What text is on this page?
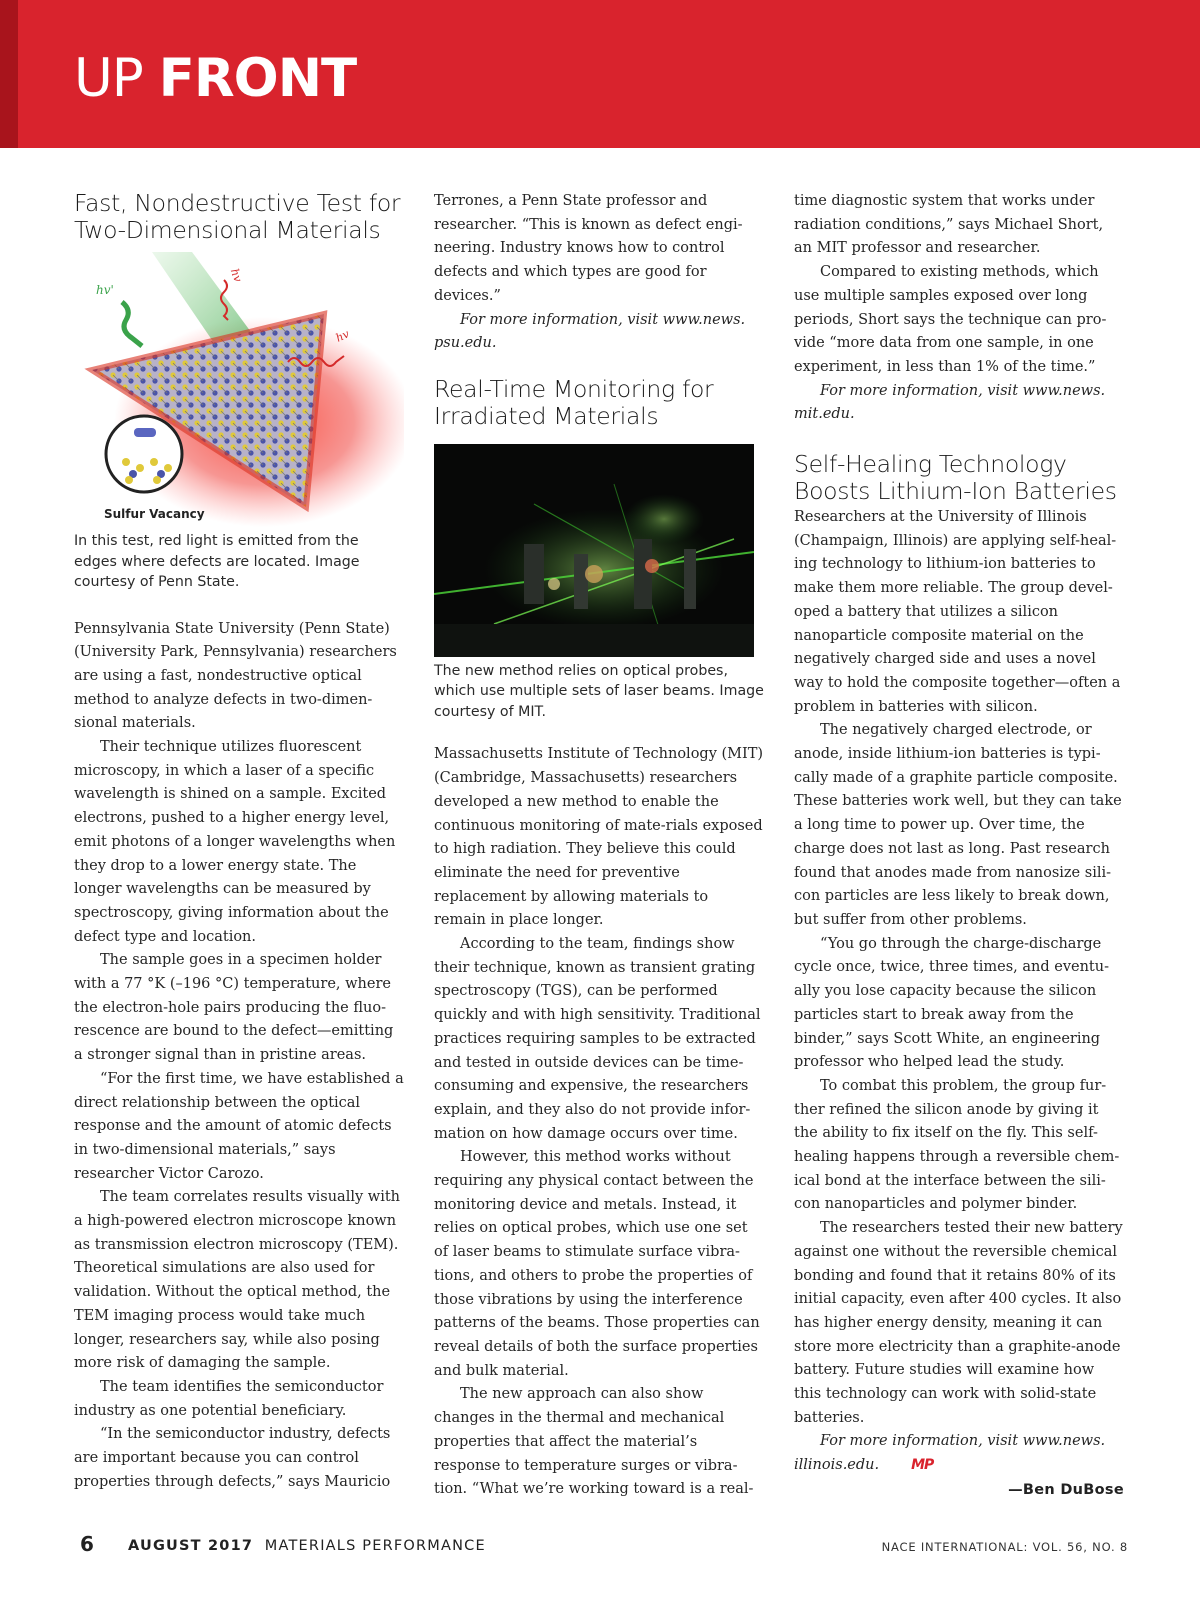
UP FRONT
Fast, Nondestructive Test for Two-Dimensional Materials
hv'
hv
hv
Sulfur Vacancy
In this test, red light is emitted from the edges where defects are located. Image courtesy of Penn State.

Pennsylvania State University (Penn State) (University Park, Pennsylvania) researchers are using a fast, nondestructive optical method to analyze defects in two-dimen-sional materials.

Their technique utilizes fluorescent microscopy, in which a laser of a specific wavelength is shined on a sample. Excited electrons, pushed to a higher energy level, emit photons of a longer wavelengths when they drop to a lower energy state. The longer wavelengths can be measured by spectroscopy, giving information about the defect type and location.

The sample goes in a specimen holder with a 77 °K (–196 °C) temperature, where the electron-hole pairs producing the fluo-rescence are bound to the defect—emitting a stronger signal than in pristine areas.

“For the first time, we have established a direct relationship between the optical response and the amount of atomic defects in two-dimensional materials,” says researcher Victor Carozo.

The team correlates results visually with a high-powered electron microscope known as transmission electron microscopy (TEM). Theoretical simulations are also used for validation. Without the optical method, the TEM imaging process would take much longer, researchers say, while also posing more risk of damaging the sample.

The team identifies the semiconductor industry as one potential beneficiary.

“In the semiconductor industry, defects are important because you can control properties through defects,” says Mauricio

Terrones, a Penn State professor and researcher. “This is known as defect engi-neering. Industry knows how to control defects and which types are good for devices.”

For more information, visit www.news. psu.edu.

Real-Time Monitoring for Irradiated Materials
The new method relies on optical probes, which use multiple sets of laser beams. Image courtesy of MIT.

Massachusetts Institute of Technology (MIT) (Cambridge, Massachusetts) researchers developed a new method to enable the continuous monitoring of mate-rials exposed to high radiation. They believe this could eliminate the need for preventive replacement by allowing materials to remain in place longer.

According to the team, findings show their technique, known as transient grating spectroscopy (TGS), can be performed quickly and with high sensitivity. Traditional practices requiring samples to be extracted and tested in outside devices can be time-consuming and expensive, the researchers explain, and they also do not provide infor-mation on how damage occurs over time.

However, this method works without requiring any physical contact between the monitoring device and metals. Instead, it relies on optical probes, which use one set of laser beams to stimulate surface vibra-tions, and others to probe the properties of those vibrations by using the interference patterns of the beams. Those properties can reveal details of both the surface properties and bulk material.

The new approach can also show changes in the thermal and mechanical properties that affect the material’s response to temperature surges or vibra-tion. “What we’re working toward is a real-

time diagnostic system that works under radiation conditions,” says Michael Short, an MIT professor and researcher.

Compared to existing methods, which use multiple samples exposed over long periods, Short says the technique can pro-vide “more data from one sample, in one experiment, in less than 1% of the time.”

For more information, visit www.news. mit.edu.

Self-Healing Technology Boosts Lithium-Ion Batteries

Researchers at the University of Illinois (Champaign, Illinois) are applying self-heal-ing technology to lithium-ion batteries to make them more reliable. The group devel-oped a battery that utilizes a silicon nanoparticle composite material on the negatively charged side and uses a novel way to hold the composite together—often a problem in batteries with silicon.

The negatively charged electrode, or anode, inside lithium-ion batteries is typi-cally made of a graphite particle composite. These batteries work well, but they can take a long time to power up. Over time, the charge does not last as long. Past research found that anodes made from nanosize sili-con particles are less likely to break down, but suffer from other problems.

“You go through the charge-discharge cycle once, twice, three times, and eventu-ally you lose capacity because the silicon particles start to break away from the binder,” says Scott White, an engineering professor who helped lead the study.

To combat this problem, the group fur-ther refined the silicon anode by giving it the ability to fix itself on the fly. This self-healing happens through a reversible chem-ical bond at the interface between the sili-con nanoparticles and polymer binder.

The researchers tested their new battery against one without the reversible chemical bonding and found that it retains 80% of its initial capacity, even after 400 cycles. It also has higher energy density, meaning it can store more electricity than a graphite-anode battery. Future studies will examine how this technology can work with solid-state batteries.

For more information, visit www.news. illinois.edu. MP

—Ben DuBose
6 AUGUST 2017 MATERIALS PERFORMANCE	NACE INTERNATIONAL: VOL. 56, NO. 8
